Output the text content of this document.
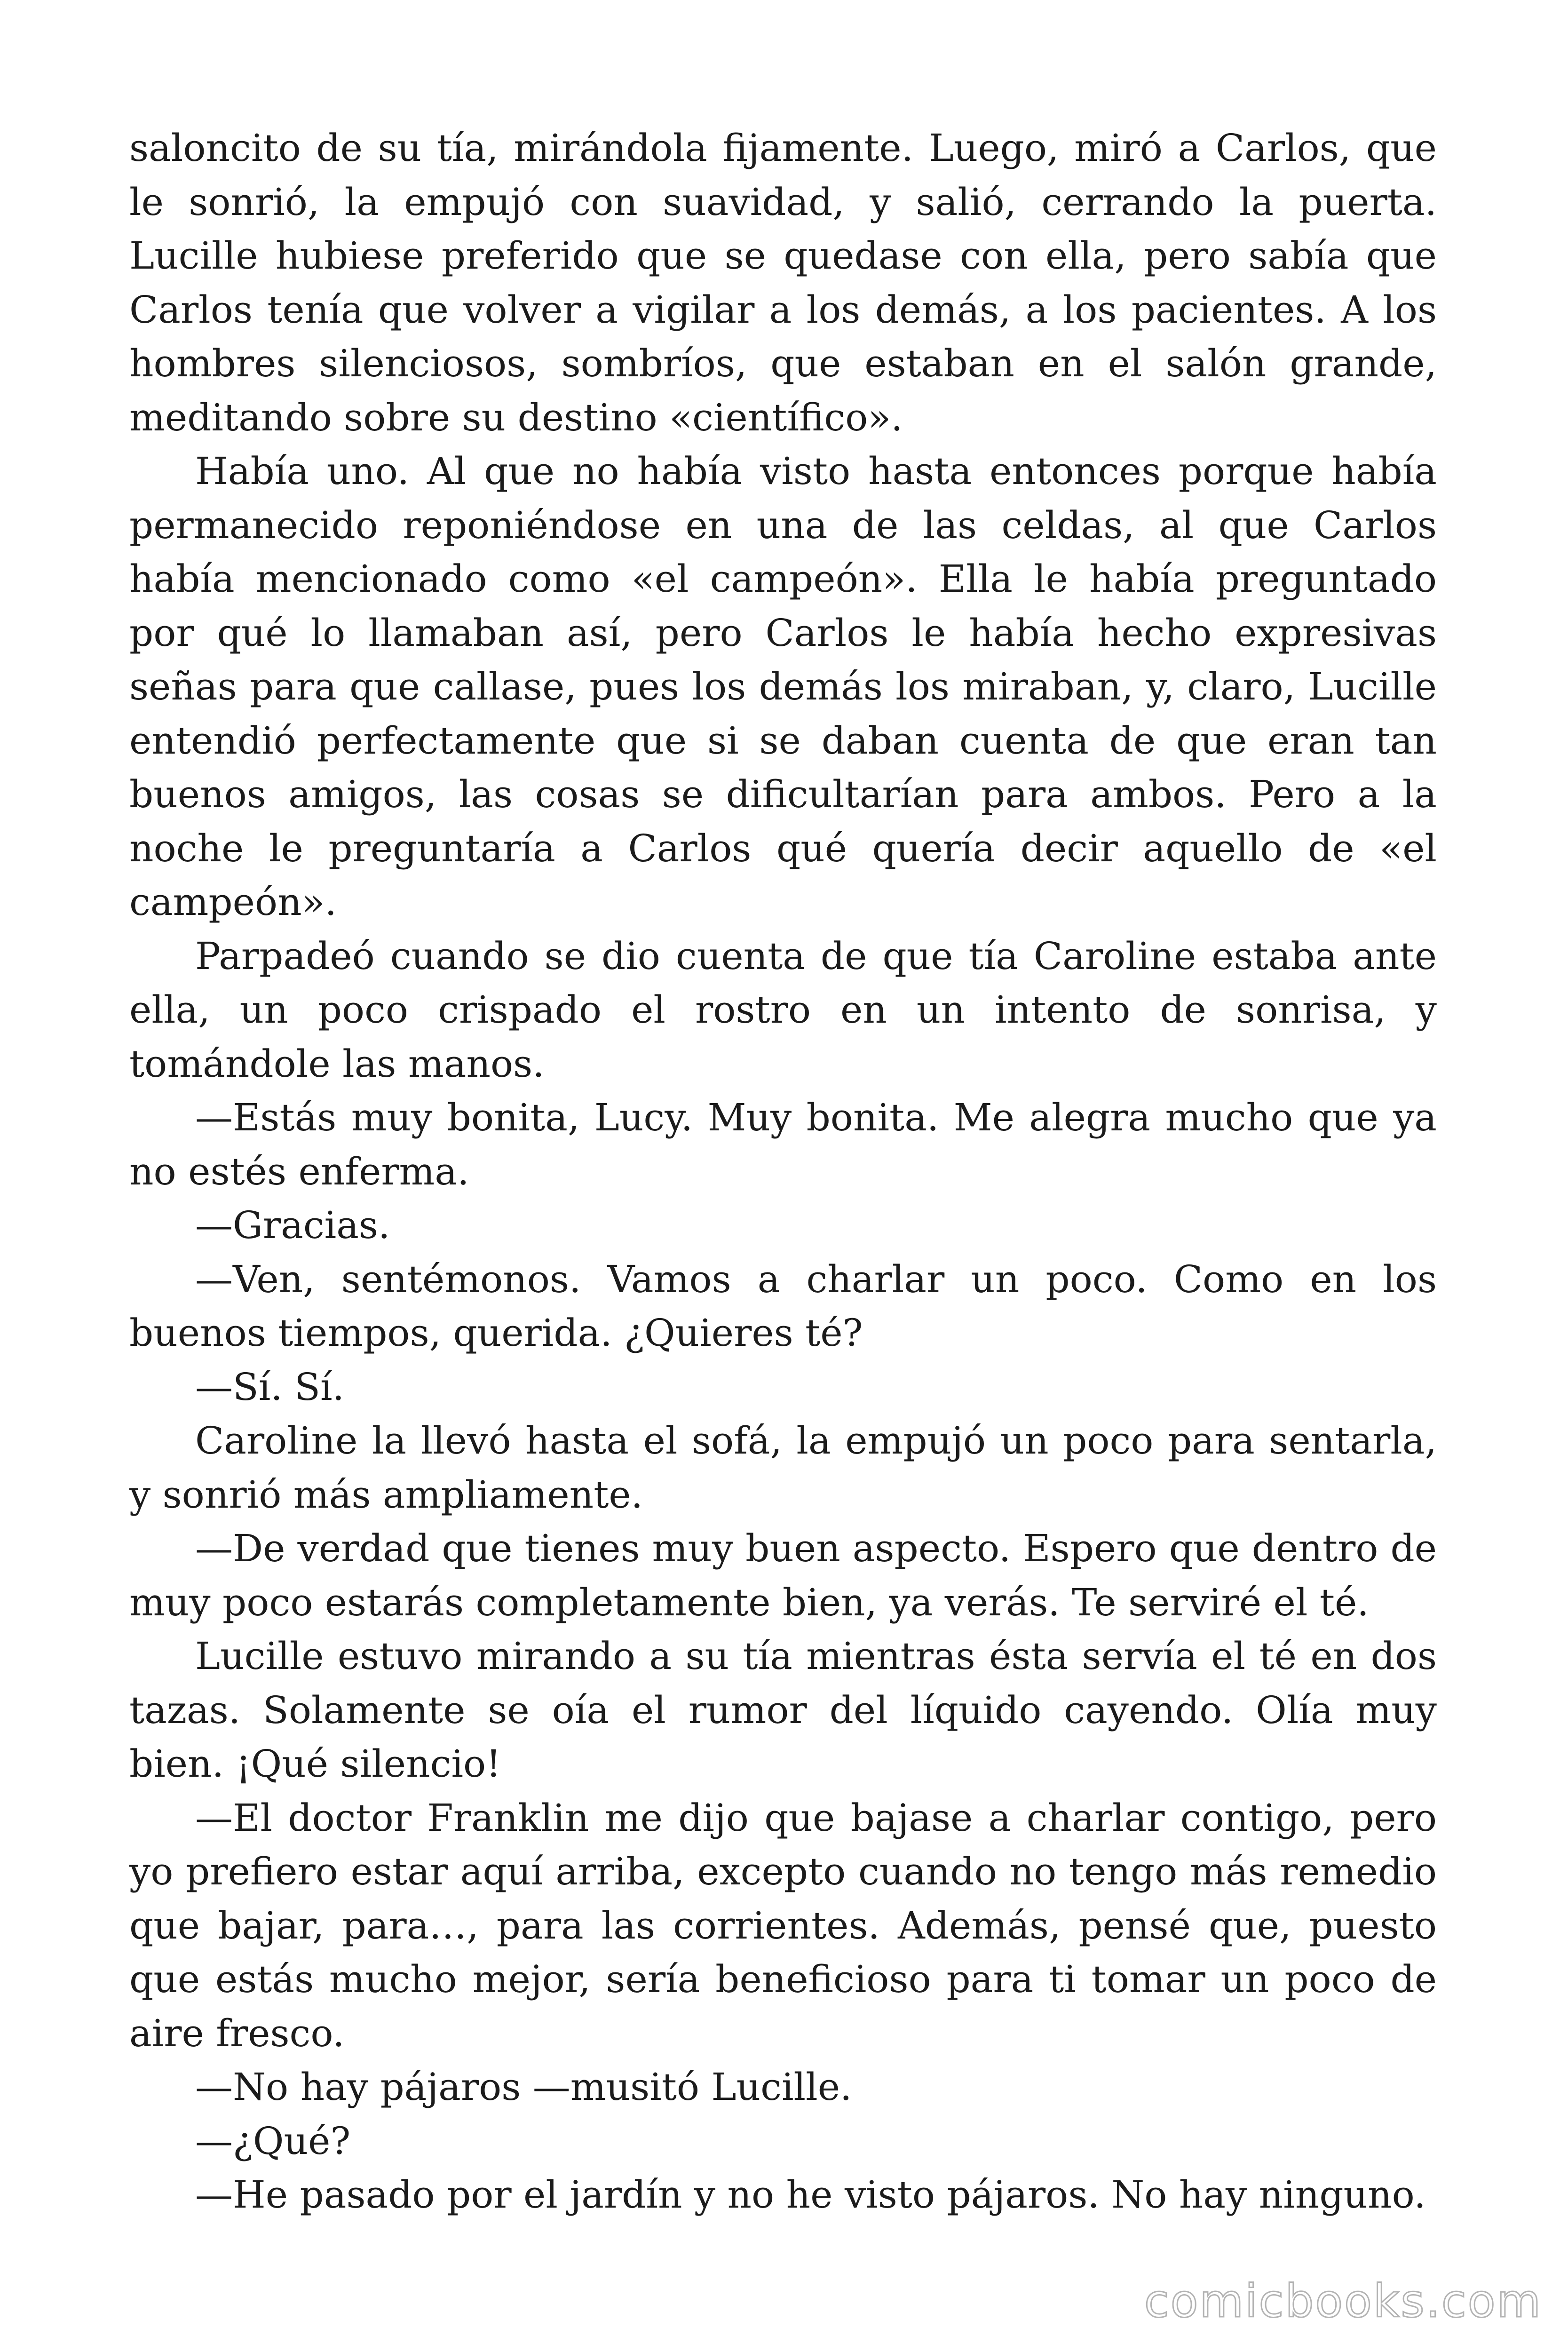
saloncito de su tía, mirándola fijamente. Luego, miró a Carlos, que le sonrió, la empujó con suavidad, y salió, cerrando la puerta. Lucille hubiese preferido que se quedase con ella, pero sabía que Carlos tenía que volver a vigilar a los demás, a los pacientes. A los hombres silenciosos, sombríos, que estaban en el salón grande, meditando sobre su destino «científico».

Había uno. Al que no había visto hasta entonces porque había permanecido reponiéndose en una de las celdas, al que Carlos había mencionado como «el campeón». Ella le había preguntado por qué lo llamaban así, pero Carlos le había hecho expresivas señas para que callase, pues los demás los miraban, y, claro, Lucille entendió perfectamente que si se daban cuenta de que eran tan buenos amigos, las cosas se dificultarían para ambos. Pero a la noche le preguntaría a Carlos qué quería decir aquello de «el campeón».

Parpadeó cuando se dio cuenta de que tía Caroline estaba ante ella, un poco crispado el rostro en un intento de sonrisa, y tomándole las manos.

—Estás muy bonita, Lucy. Muy bonita. Me alegra mucho que ya no estés enferma.

—Gracias.

—Ven, sentémonos. Vamos a charlar un poco. Como en los buenos tiempos, querida. ¿Quieres té?

—Sí. Sí.

Caroline la llevó hasta el sofá, la empujó un poco para sentarla, y sonrió más ampliamente.

—De verdad que tienes muy buen aspecto. Espero que dentro de muy poco estarás completamente bien, ya verás. Te serviré el té.

Lucille estuvo mirando a su tía mientras ésta servía el té en dos tazas. Solamente se oía el rumor del líquido cayendo. Olía muy bien. ¡Qué silencio!

—El doctor Franklin me dijo que bajase a charlar contigo, pero yo prefiero estar aquí arriba, excepto cuando no tengo más remedio que bajar, para…, para las corrientes. Además, pensé que, puesto que estás mucho mejor, sería beneficioso para ti tomar un poco de aire fresco.

—No hay pájaros —musitó Lucille.

—¿Qué?

—He pasado por el jardín y no he visto pájaros. No hay ninguno.

comicbooks.com
